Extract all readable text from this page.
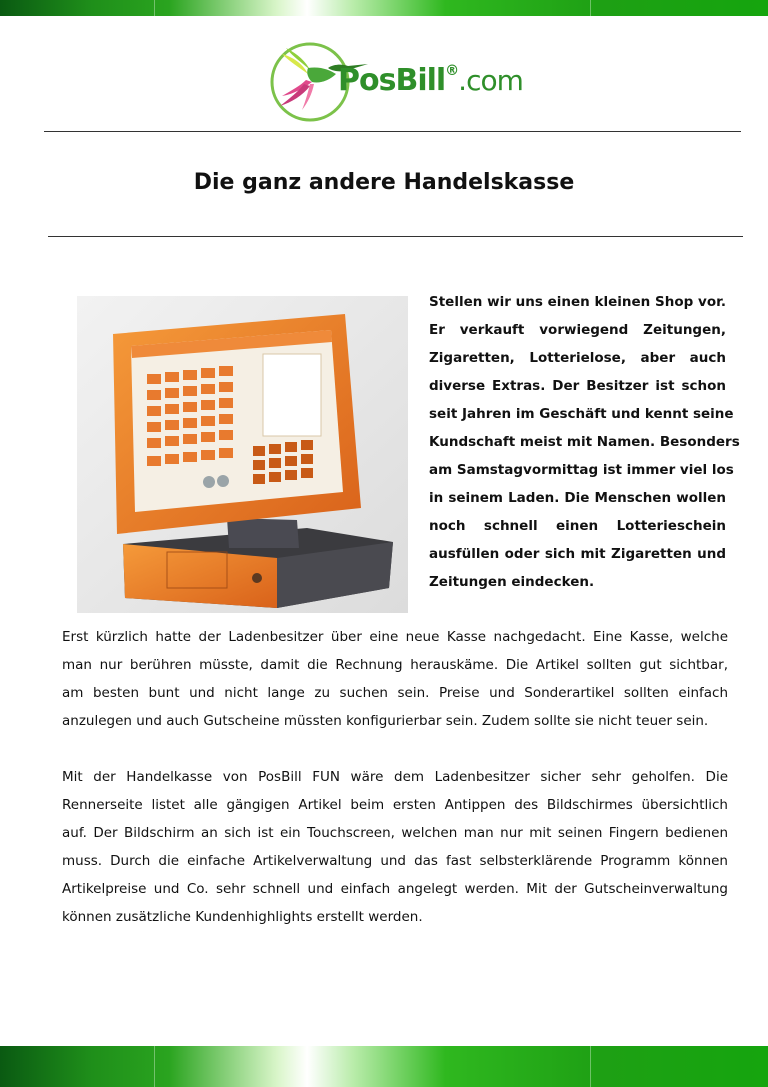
PosBill®.com
Die ganz andere Handelskasse
Stellen wir uns einen kleinen Shop vor.
Er verkauft vorwiegend Zeitungen,
Zigaretten, Lotterielose, aber auch
diverse Extras. Der Besitzer ist schon
seit Jahren im Geschäft und kennt seine
Kundschaft meist mit Namen. Besonders
am Samstagvormittag ist immer viel los
in seinem Laden. Die Menschen wollen
noch schnell einen Lotterieschein
ausfüllen oder sich mit Zigaretten und
Zeitungen eindecken.
Erst kürzlich hatte der Ladenbesitzer über eine neue Kasse nachgedacht. Eine Kasse, welche
man nur berühren müsste, damit die Rechnung herauskäme. Die Artikel sollten gut sichtbar,
am besten bunt und nicht lange zu suchen sein. Preise und Sonderartikel sollten einfach
anzulegen und auch Gutscheine müssten konfigurierbar sein. Zudem sollte sie nicht teuer sein.
Mit der Handelkasse von PosBill FUN wäre dem Ladenbesitzer sicher sehr geholfen. Die
Rennerseite listet alle gängigen Artikel beim ersten Antippen des Bildschirmes übersichtlich
auf. Der Bildschirm an sich ist ein Touchscreen, welchen man nur mit seinen Fingern bedienen
muss. Durch die einfache Artikelverwaltung und das fast selbsterklärende Programm können
Artikelpreise und Co. sehr schnell und einfach angelegt werden. Mit der Gutscheinverwaltung
können zusätzliche Kundenhighlights erstellt werden.
